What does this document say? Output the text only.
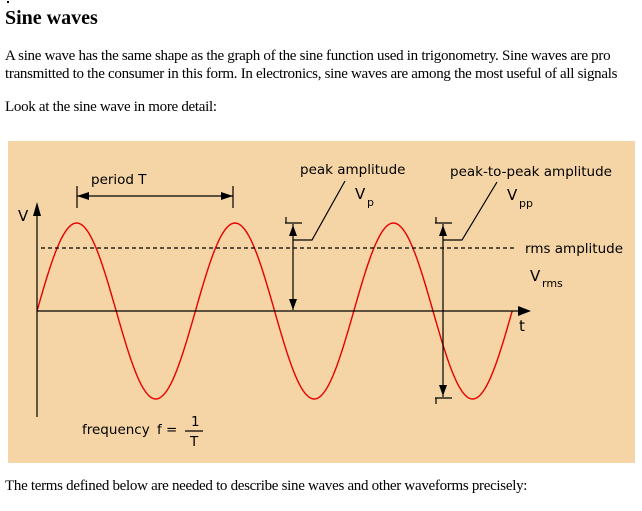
Sine waves
A sine wave has the same shape as the graph of the sine function used in trigonometry. Sine waves are pro
transmitted to the consumer in this form. In electronics, sine waves are among the most useful of all signals
Look at the sine wave in more detail:
V
t
period T
peak amplitude
V p
peak-to-peak amplitude
V pp
rms amplitude
V rms
frequency f = 1
T
The terms defined below are needed to describe sine waves and other waveforms precisely:
